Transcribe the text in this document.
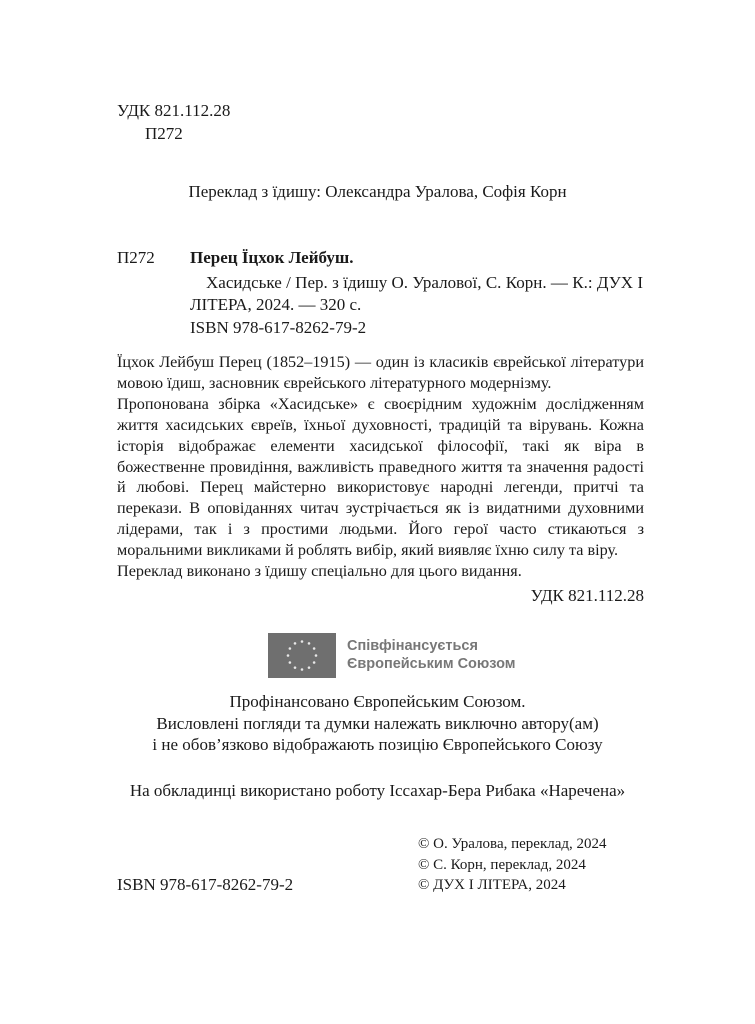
УДК 821.112.28
П272
Переклад з їдишу: Олександра Уралова, Софія Корн
П272 Перец Їцхок Лейбуш.
Хасидське / Пер. з їдишу О. Уралової, С. Корн. — К.: ДУХ І ЛІТЕРА, 2024. — 320 с.
ISBN 978-617-8262-79-2

Їцхок Лейбуш Перец (1852–1915) — один із класиків єврейської літератури мовою їдиш, засновник єврейського літературного модернізму.

Пропонована збірка «Хасидське» є своєрідним художнім дослідженням життя хасидських євреїв, їхньої духовності, традицій та вірувань. Кожна історія відображає елементи хасидської філософії, такі як віра в божественне провидіння, важливість праведного життя та значення радості й любові. Перец майстерно використовує народні легенди, притчі та перекази. В оповіданнях читач зустрічається як із видатними духовними лідерами, так і з простими людьми. Його герої часто стикаються з моральними викликами й роблять вибір, який виявляє їхню силу та віру.

Переклад виконано з їдишу спеціально для цього видання.

УДК 821.112.28
Співфінансується
Європейським Союзом
Профінансовано Європейським Союзом.
Висловлені погляди та думки належать виключно автору(ам)
і не обов’язково відображають позицію Європейського Союзу
На обкладинці використано роботу Іссахар-Бера Рибака «Наречена»
© О. Уралова, переклад, 2024
© С. Корн, переклад, 2024
© ДУХ І ЛІТЕРА, 2024
ISBN 978-617-8262-79-2
